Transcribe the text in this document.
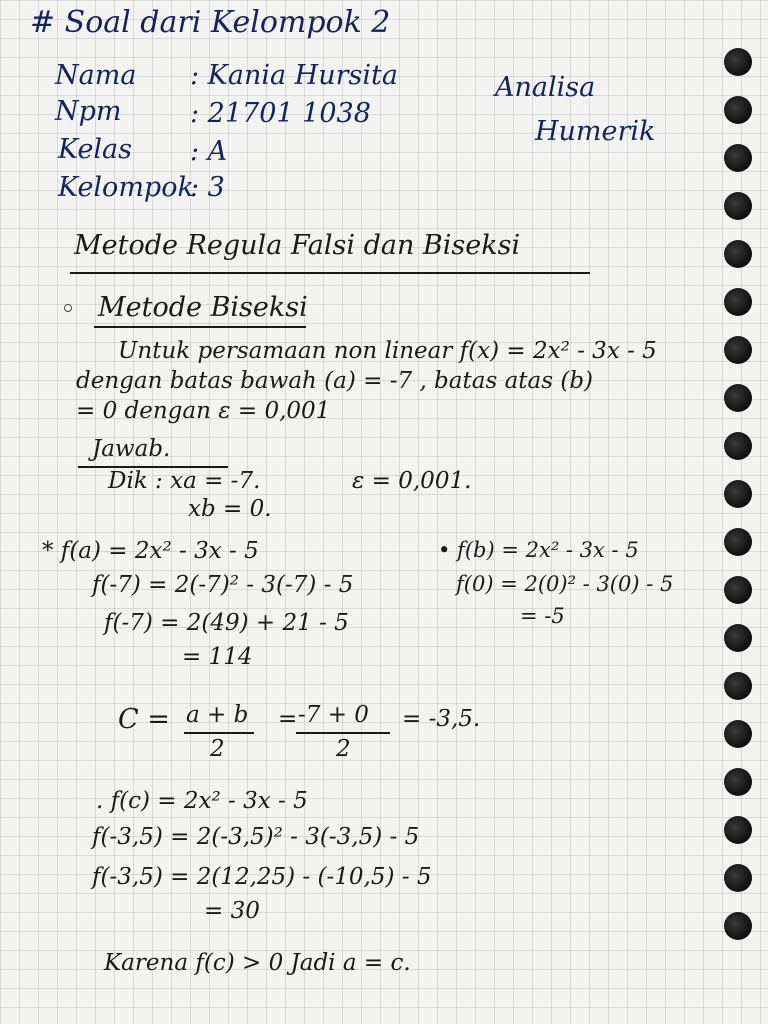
# Soal dari Kelompok 2
Nama : Kania Hursita
Npm	: 21701 1038
Kelas : A
Kelompok
: 3
Analisa
Humerik
Metode Regula Falsi dan Biseksi
◦ Metode Biseksi
Untuk persamaan non linear f(x) = 2x² - 3x - 5
dengan batas bawah (a) = -7 , batas atas (b)
= 0 dengan ε = 0,001
Jawab.
Dik : xa = -7.	ε = 0,001.
xb = 0.
* f(a) = 2x² - 3x - 5
f(-7) = 2(-7)² - 3(-7) - 5
f(-7) = 2(49) + 21 - 5
= 114
• f(b) = 2x² - 3x - 5
f(0) = 2(0)² - 3(0) - 5
= -5
C = a + b
2
= -7 + 0
2
= -3,5.
. f(c) = 2x² - 3x - 5
f(-3,5) = 2(-3,5)² - 3(-3,5) - 5
f(-3,5) = 2(12,25) - (-10,5) - 5
= 30
Karena f(c) > 0 Jadi a = c.
